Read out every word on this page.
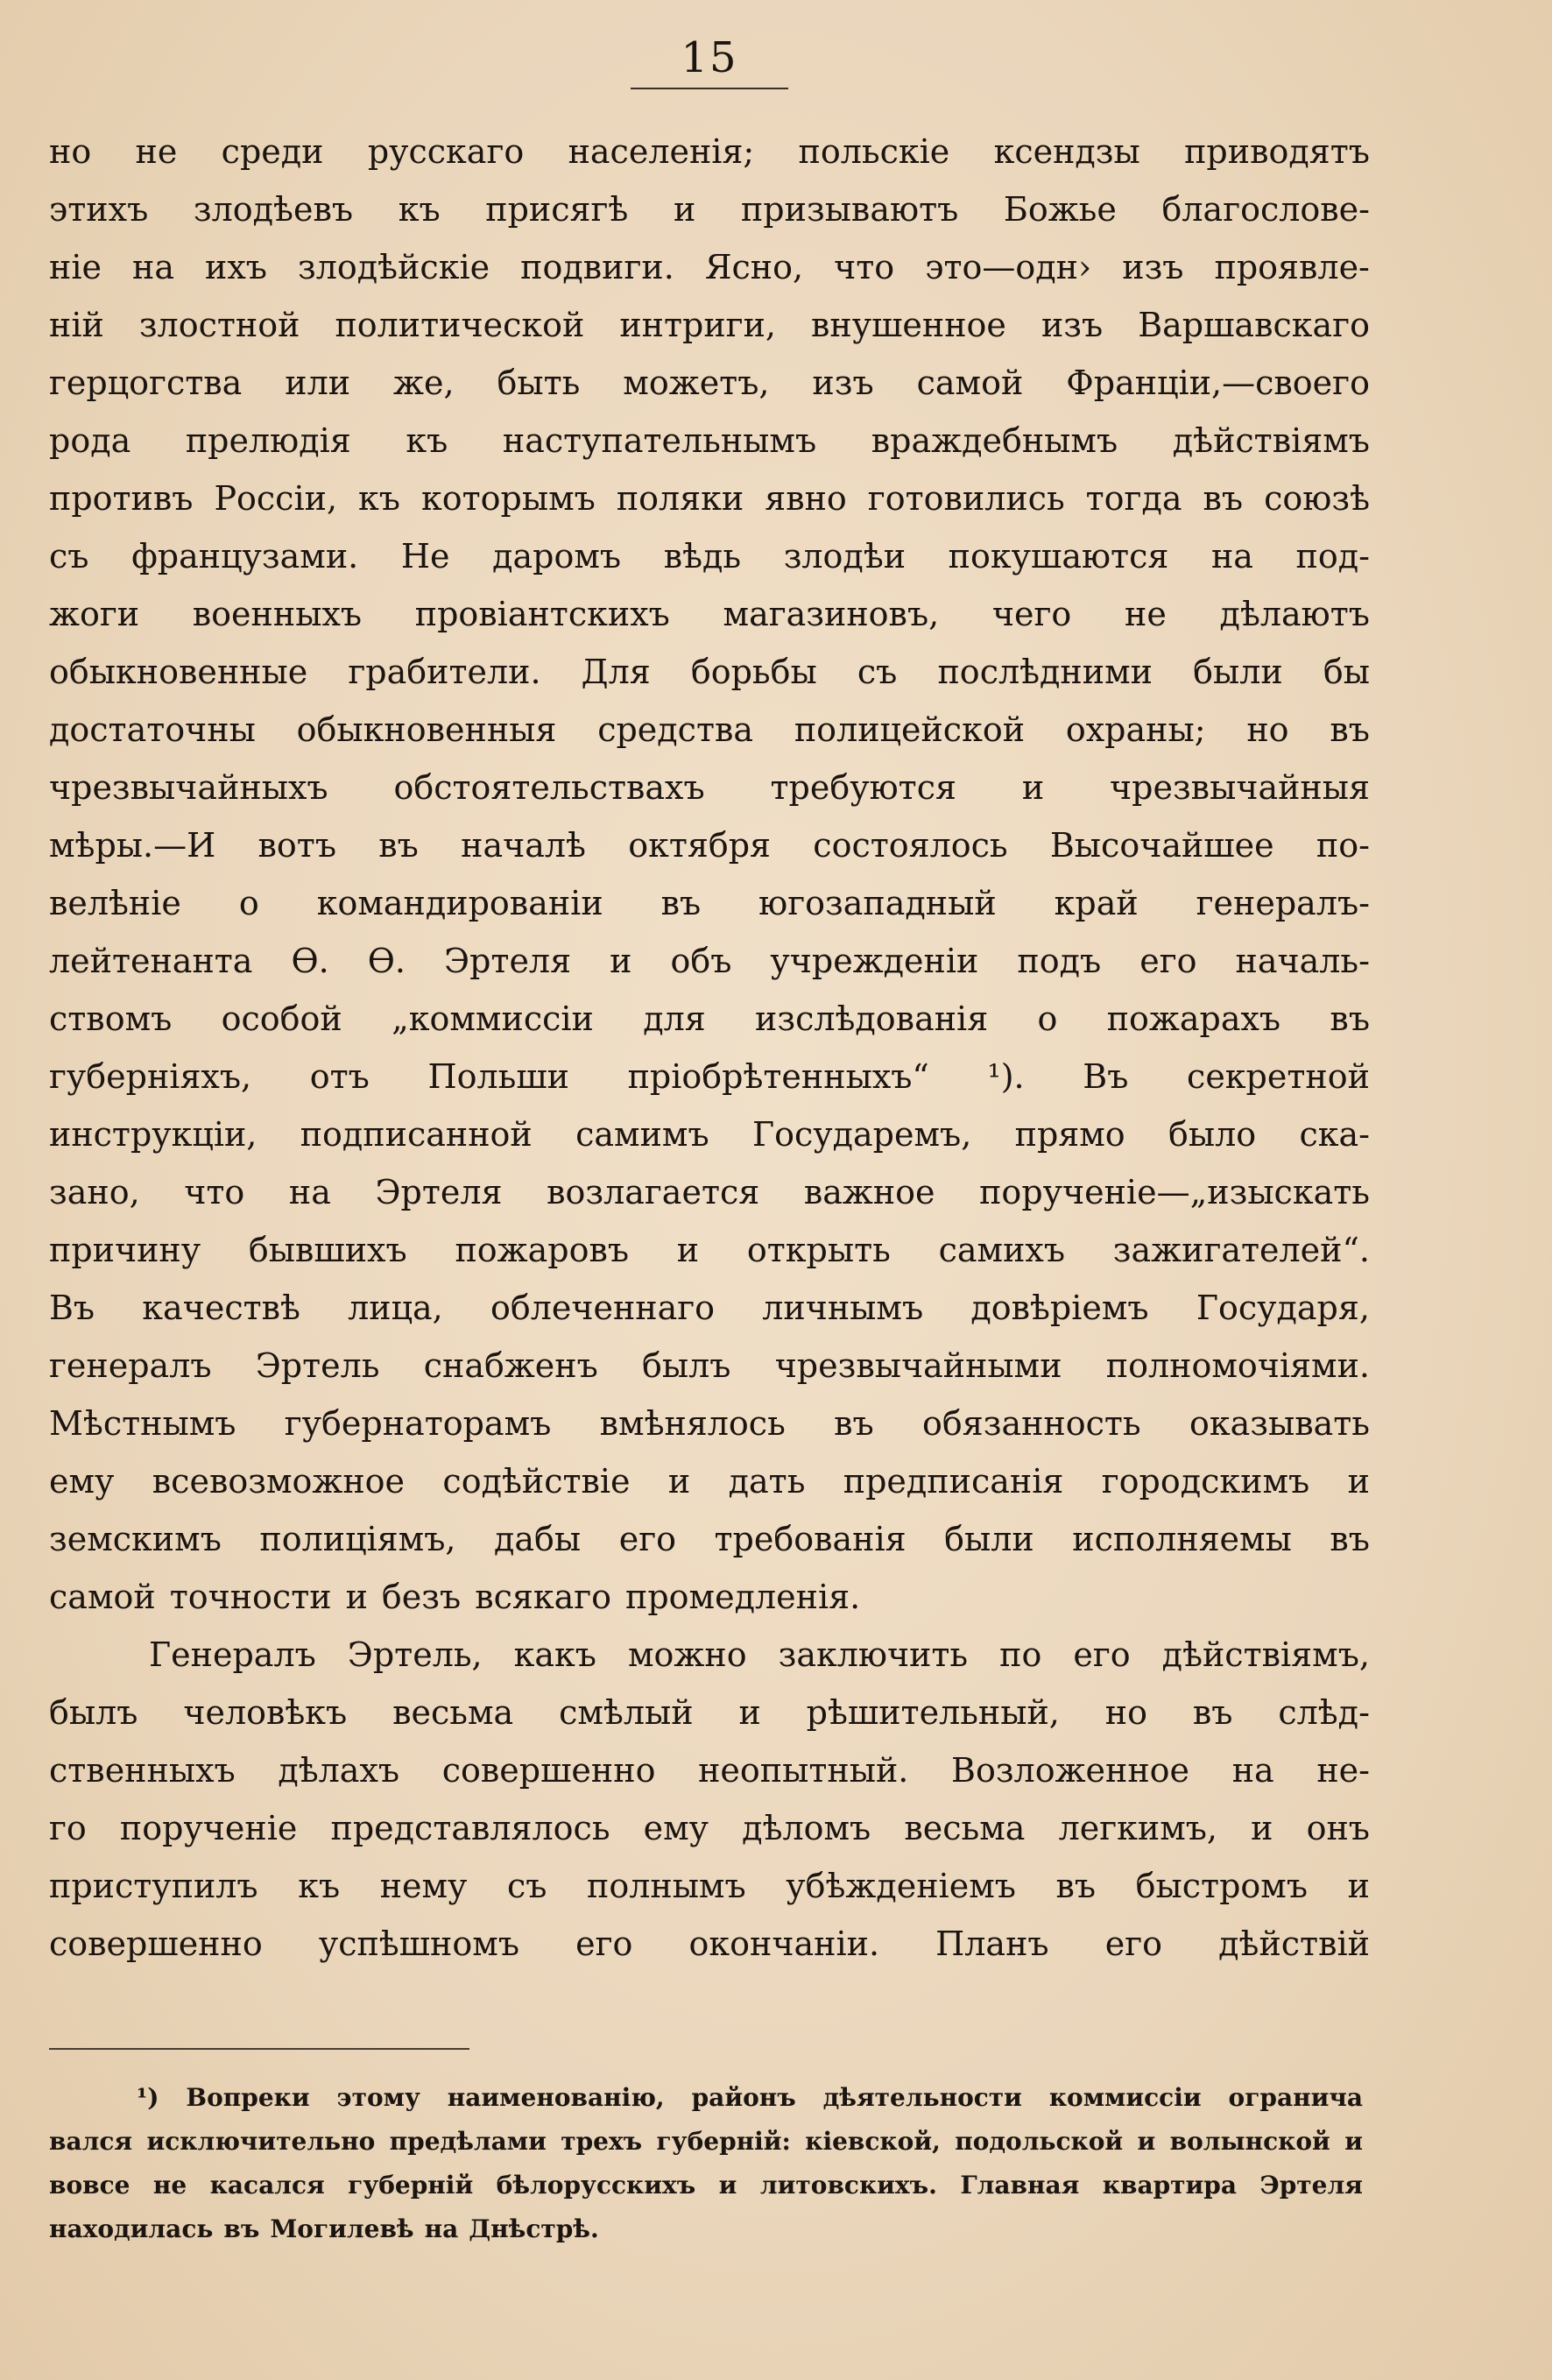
15
но не среди русскаго населенія; польскіе ксендзы приводятъ
этихъ злодѣевъ къ присягѣ и призываютъ Божье благослове-
ніе на ихъ злодѣйскіе подвиги. Ясно, что это—одн› изъ проявле-
ній злостной политической интриги, внушенное изъ Варшавскаго
герцогства или же, быть можетъ, изъ самой Франціи,—своего
рода прелюдія къ наступательнымъ враждебнымъ дѣйствіямъ
противъ Россіи, къ которымъ поляки явно готовились тогда въ союзѣ
съ французами. Не даромъ вѣдь злодѣи покушаются на под-
жоги военныхъ провіантскихъ магазиновъ, чего не дѣлаютъ
обыкновенные грабители. Для борьбы съ послѣдними были бы
достаточны обыкновенныя средства полицейской охраны; но въ
чрезвычайныхъ обстоятельствахъ требуются и чрезвычайныя
мѣры.—И вотъ въ началѣ октября состоялось Высочайшее по-
велѣніе о командированіи въ югозападный край генералъ-
лейтенанта Ө. Ө. Эртеля и объ учрежденіи подъ его началь-
ствомъ особой „коммиссіи для изслѣдованія о пожарахъ въ
губерніяхъ, отъ Польши пріобрѣтенныхъ“ ¹). Въ секретной
инструкціи, подписанной самимъ Государемъ, прямо было ска-
зано, что на Эртеля возлагается важное порученіе—„изыскать
причину бывшихъ пожаровъ и открыть самихъ зажигателей“.
Въ качествѣ лица, облеченнаго личнымъ довѣріемъ Государя,
генералъ Эртель снабженъ былъ чрезвычайными полномочіями.
Мѣстнымъ губернаторамъ вмѣнялось въ обязанность оказывать
ему всевозможное содѣйствіе и дать предписанія городскимъ и
земскимъ полиціямъ, дабы его требованія были исполняемы въ
самой точности и безъ всякаго промедленія.
Генералъ Эртель, какъ можно заключить по его дѣйствіямъ,
былъ человѣкъ весьма смѣлый и рѣшительный, но въ слѣд-
ственныхъ дѣлахъ совершенно неопытный. Возложенное на не-
го порученіе представлялось ему дѣломъ весьма легкимъ, и онъ
приступилъ къ нему съ полнымъ убѣжденіемъ въ быстромъ и
совершенно успѣшномъ его окончаніи. Планъ его дѣйствій
¹) Вопреки этому наименованію, районъ дѣятельности коммиссіи огранича
вался исключительно предѣлами трехъ губерній: кіевской, подольской и волынской и
вовсе не касался губерній бѣлорусскихъ и литовскихъ. Главная квартира Эртеля
находилась въ Могилевѣ на Днѣстрѣ.
